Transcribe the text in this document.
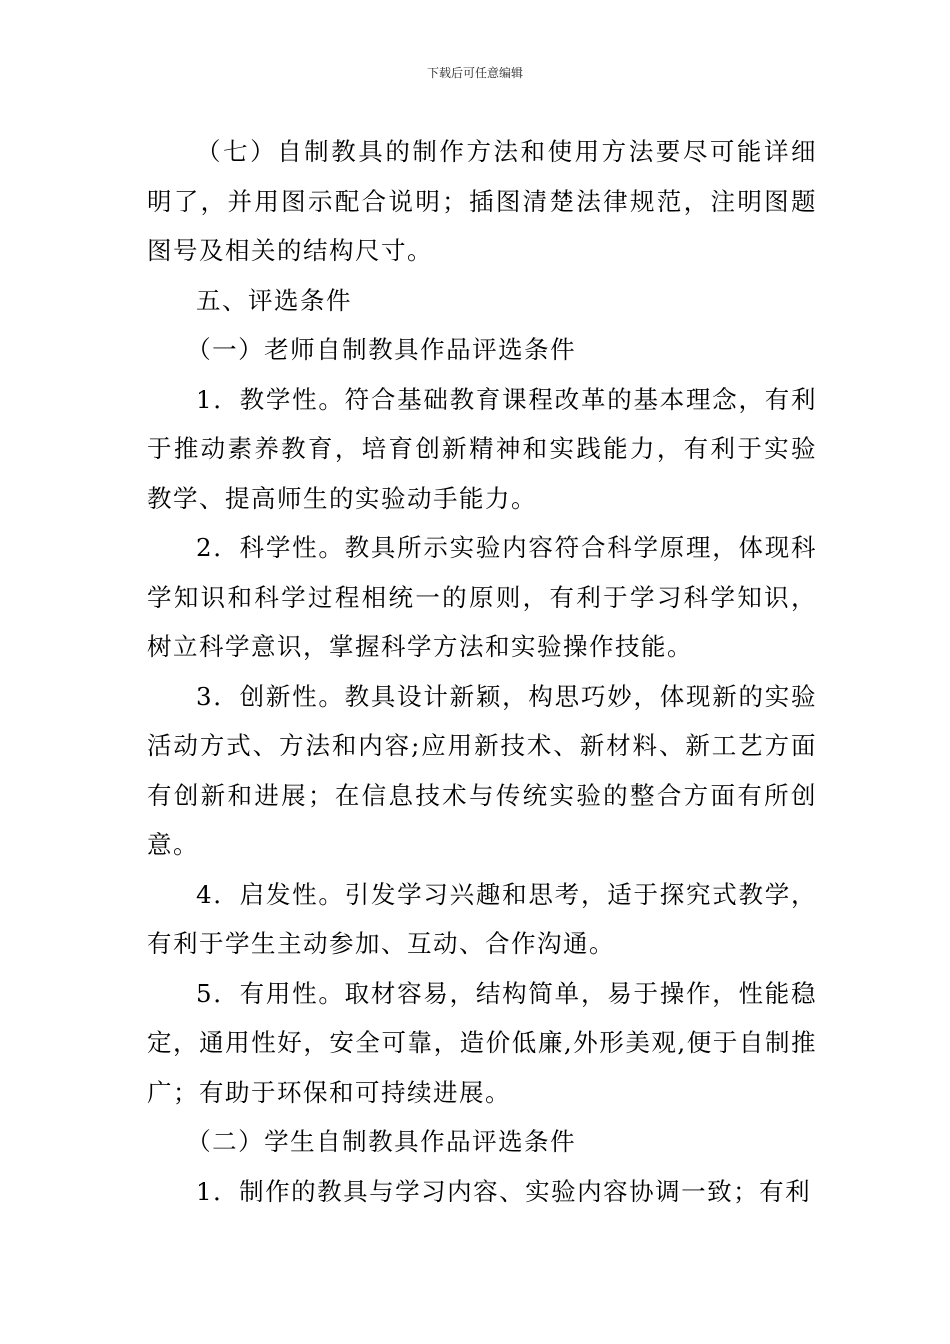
下载后可任意编辑

（七）自制教具的制作方法和使用方法要尽可能详细明了，并用图示配合说明；插图清楚法律规范，注明图题图号及相关的结构尺寸。

五、评选条件

（一）老师自制教具作品评选条件

1．教学性。符合基础教育课程改革的基本理念，有利于推动素养教育，培育创新精神和实践能力，有利于实验教学、提高师生的实验动手能力。

2．科学性。教具所示实验内容符合科学原理，体现科学知识和科学过程相统一的原则，有利于学习科学知识，树立科学意识，掌握科学方法和实验操作技能。

3．创新性。教具设计新颖，构思巧妙，体现新的实验活动方式、方法和内容;应用新技术、新材料、新工艺方面有创新和进展；在信息技术与传统实验的整合方面有所创意。

4．启发性。引发学习兴趣和思考，适于探究式教学，有利于学生主动参加、互动、合作沟通。

5．有用性。取材容易，结构简单，易于操作，性能稳定，通用性好，安全可靠，造价低廉,外形美观,便于自制推广；有助于环保和可持续进展。

（二）学生自制教具作品评选条件

1．制作的教具与学习内容、实验内容协调一致；有利
